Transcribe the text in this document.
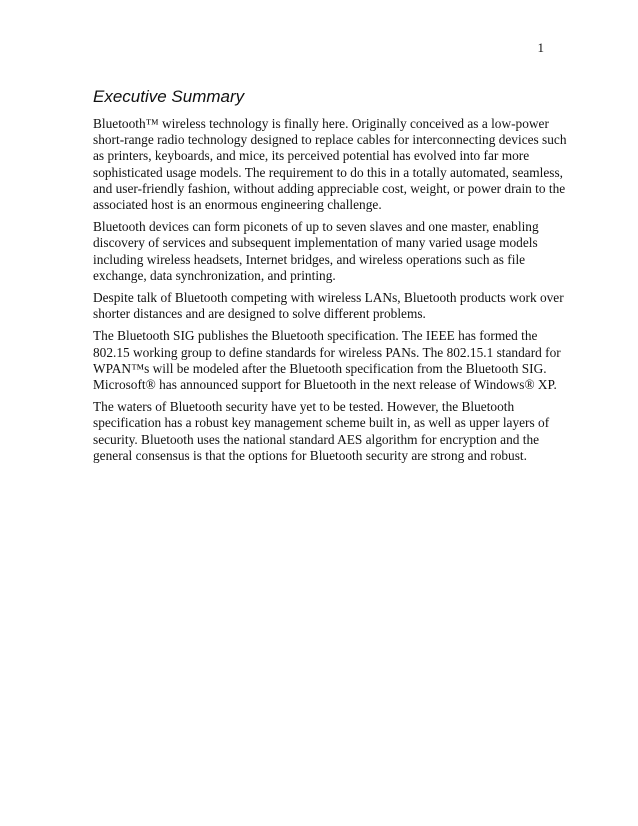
1
Executive Summary

Bluetooth™ wireless technology is finally here. Originally conceived as a low-power short-range radio technology designed to replace cables for interconnecting devices such as printers, keyboards, and mice, its perceived potential has evolved into far more sophisticated usage models. The requirement to do this in a totally automated, seamless, and user-friendly fashion, without adding appreciable cost, weight, or power drain to the associated host is an enormous engineering challenge.

Bluetooth devices can form piconets of up to seven slaves and one master, enabling discovery of services and subsequent implementation of many varied usage models including wireless headsets, Internet bridges, and wireless operations such as file exchange, data synchronization, and printing.

Despite talk of Bluetooth competing with wireless LANs, Bluetooth products work over shorter distances and are designed to solve different problems.

The Bluetooth SIG publishes the Bluetooth specification. The IEEE has formed the 802.15 working group to define standards for wireless PANs. The 802.15.1 standard for WPAN™s will be modeled after the Bluetooth specification from the Bluetooth SIG. Microsoft® has announced support for Bluetooth in the next release of Windows® XP.

The waters of Bluetooth security have yet to be tested. However, the Bluetooth specification has a robust key management scheme built in, as well as upper layers of security. Bluetooth uses the national standard AES algorithm for encryption and the general consensus is that the options for Bluetooth security are strong and robust.
